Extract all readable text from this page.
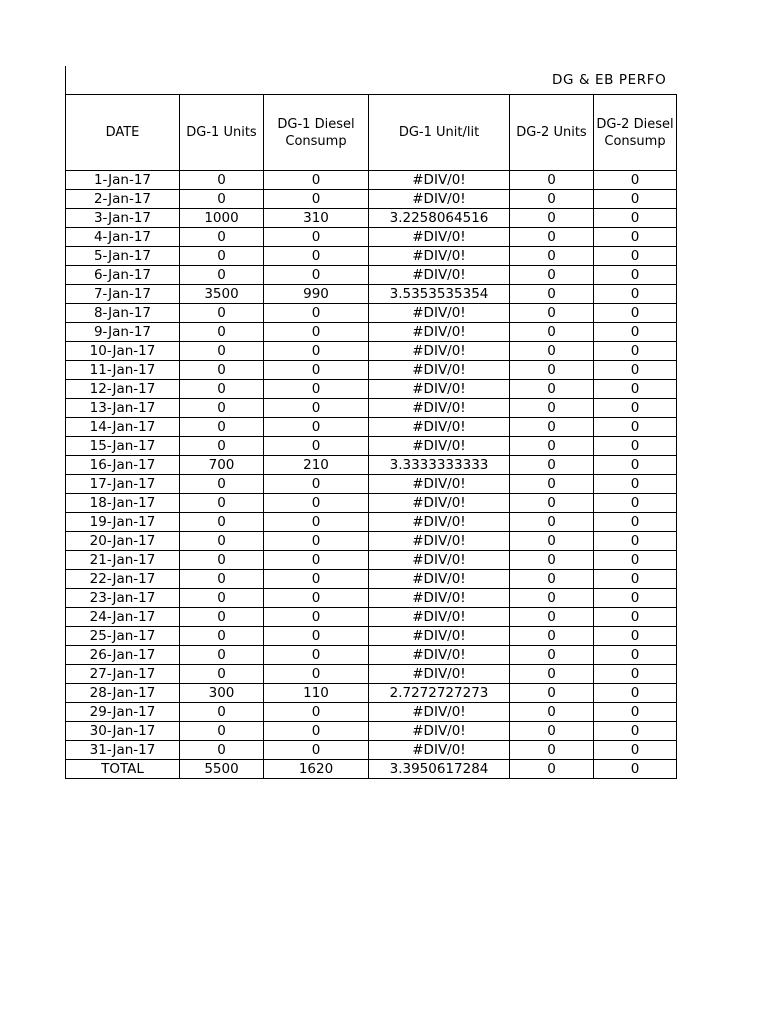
DG & EB PERFO
DATE	DG-1 Units	DG-1 Diesel Consump	DG-1 Unit/lit	DG-2 Units	DG-2 Diesel Consump
1-Jan-17	0	0	#DIV/0!	0	0
2-Jan-17	0	0	#DIV/0!	0	0
3-Jan-17	1000	310	3.2258064516	0	0
4-Jan-17	0	0	#DIV/0!	0	0
5-Jan-17	0	0	#DIV/0!	0	0
6-Jan-17	0	0	#DIV/0!	0	0
7-Jan-17	3500	990	3.5353535354	0	0
8-Jan-17	0	0	#DIV/0!	0	0
9-Jan-17	0	0	#DIV/0!	0	0
10-Jan-17	0	0	#DIV/0!	0	0
11-Jan-17	0	0	#DIV/0!	0	0
12-Jan-17	0	0	#DIV/0!	0	0
13-Jan-17	0	0	#DIV/0!	0	0
14-Jan-17	0	0	#DIV/0!	0	0
15-Jan-17	0	0	#DIV/0!	0	0
16-Jan-17	700	210	3.3333333333	0	0
17-Jan-17	0	0	#DIV/0!	0	0
18-Jan-17	0	0	#DIV/0!	0	0
19-Jan-17	0	0	#DIV/0!	0	0
20-Jan-17	0	0	#DIV/0!	0	0
21-Jan-17	0	0	#DIV/0!	0	0
22-Jan-17	0	0	#DIV/0!	0	0
23-Jan-17	0	0	#DIV/0!	0	0
24-Jan-17	0	0	#DIV/0!	0	0
25-Jan-17	0	0	#DIV/0!	0	0
26-Jan-17	0	0	#DIV/0!	0	0
27-Jan-17	0	0	#DIV/0!	0	0
28-Jan-17	300	110	2.7272727273	0	0
29-Jan-17	0	0	#DIV/0!	0	0
30-Jan-17	0	0	#DIV/0!	0	0
31-Jan-17	0	0	#DIV/0!	0	0
TOTAL	5500	1620	3.3950617284	0	0
